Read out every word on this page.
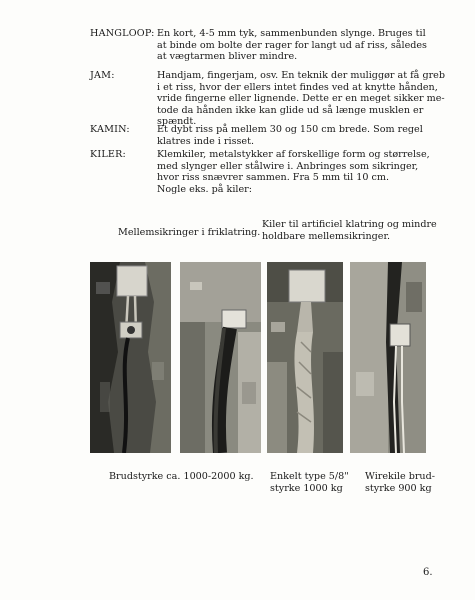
HANGLOOP: En kort, 4-5 mm tyk, sammenbunden slynge. Bruges til
at binde om bolte der rager for langt ud af riss, således
at vægtarmen bliver mindre.
JAM:	Handjam, fingerjam, osv. En teknik der muliggør at få greb
i et riss, hvor der ellers intet findes ved at knytte hånden,
vride fingerne eller lignende. Dette er en meget sikker me-
tode da hånden ikke kan glide ud så længe musklen er
spændt.
KAMIN:	Et dybt riss på mellem 30 og 150 cm brede. Som regel
klatres inde i risset.
KILER:	Klemkiler, metalstykker af forskellige form og størrelse,
med slynger eller stålwire i. Anbringes som sikringer,
hvor riss snævrer sammen. Fra 5 mm til 10 cm.
Nogle eks. på kiler:
Mellemsikringer i friklatring.
Kiler til artificiel klatring og mindre
holdbare mellemsikringer.
Brudstyrke ca. 1000-2000 kg. Enkelt type 5/8"
styrke 1000 kg
Wirekile brud-
styrke 900 kg
6.
